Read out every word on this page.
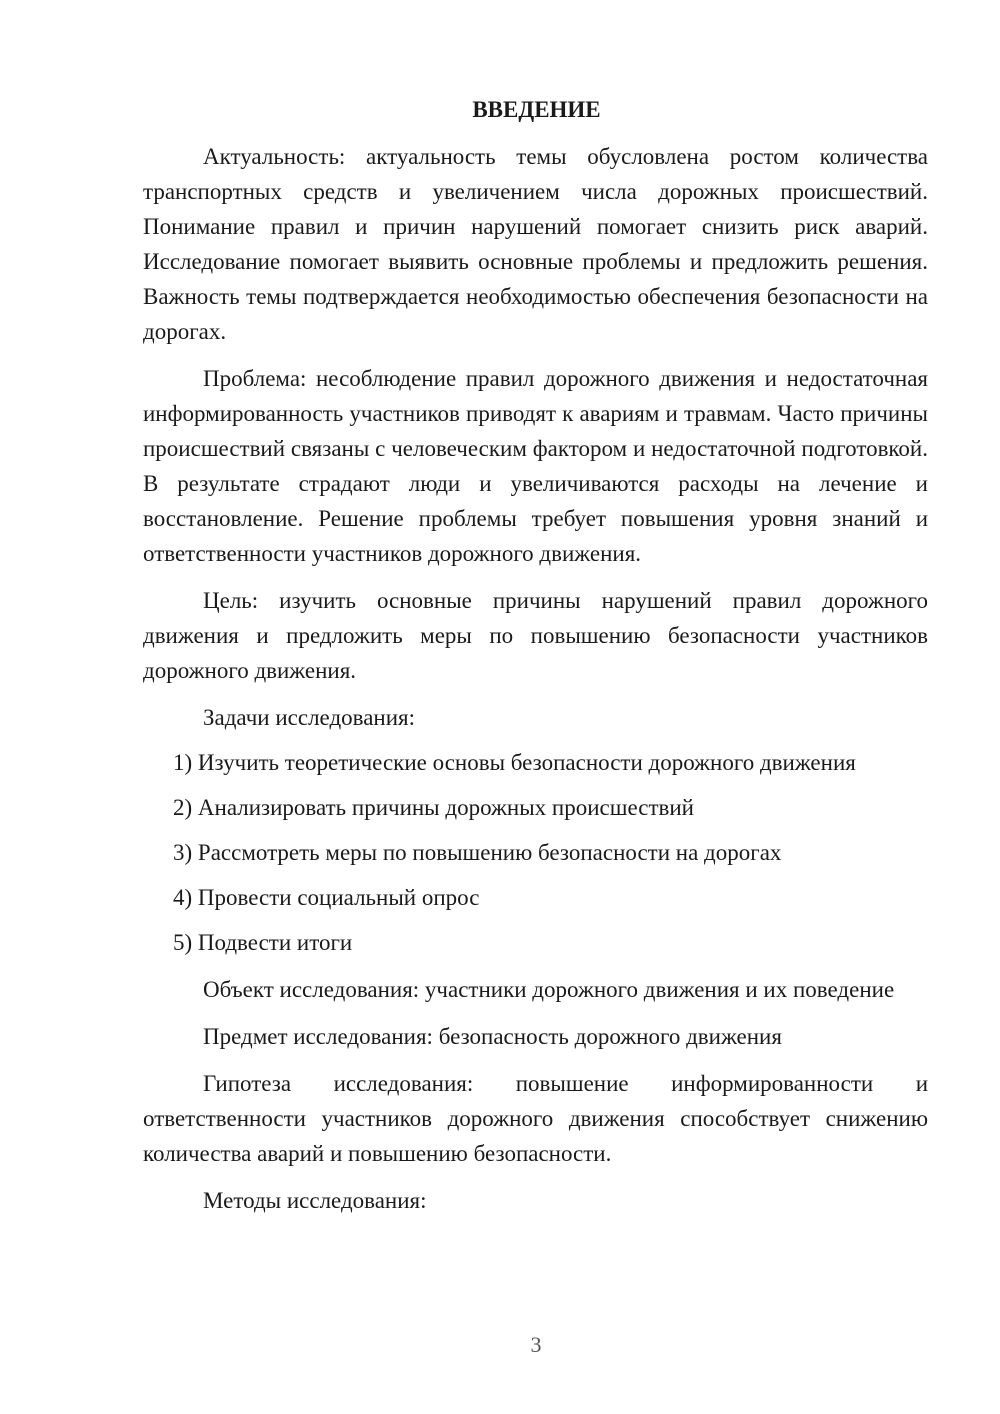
ВВЕДЕНИЕ

Актуальность: актуальность темы обусловлена ростом количества транспортных средств и увеличением числа дорожных происшествий. Понимание правил и причин нарушений помогает снизить риск аварий. Исследование помогает выявить основные проблемы и предложить решения. Важность темы подтверждается необходимостью обеспечения безопасности на дорогах.

Проблема: несоблюдение правил дорожного движения и недостаточная информированность участников приводят к авариям и травмам. Часто причины происшествий связаны с человеческим фактором и недостаточной подготовкой. В результате страдают люди и увеличиваются расходы на лечение и восстановление. Решение проблемы требует повышения уровня знаний и ответственности участников дорожного движения.

Цель: изучить основные причины нарушений правил дорожного движения и предложить меры по повышению безопасности участников дорожного движения.

Задачи исследования:

1) Изучить теоретические основы безопасности дорожного движения

2) Анализировать причины дорожных происшествий

3) Рассмотреть меры по повышению безопасности на дорогах

4) Провести социальный опрос

5) Подвести итоги

Объект исследования: участники дорожного движения и их поведение

Предмет исследования: безопасность дорожного движения

Гипотеза исследования: повышение информированности и ответственности участников дорожного движения способствует снижению количества аварий и повышению безопасности.

Методы исследования:

3
